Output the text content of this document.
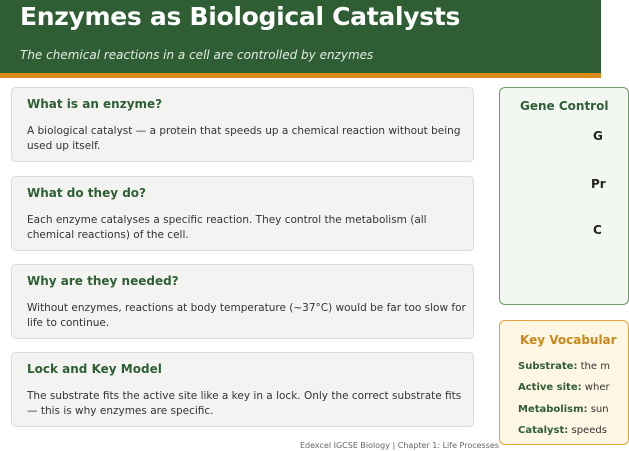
Enzymes as Biological Catalysts
The chemical reactions in a cell are controlled by enzymes
What is an enzyme?
A biological catalyst — a protein that speeds up a chemical reaction without being used up itself.
What do they do?
Each enzyme catalyses a specific reaction. They control the metabolism (all chemical reactions) of the cell.
Why are they needed?
Without enzymes, reactions at body temperature (~37°C) would be far too slow for life to continue.
Lock and Key Model
The substrate fits the active site like a key in a lock. Only the correct substrate fits — this is why enzymes are specific.
Gene Control
G
Pr
C
Key Vocabular
Substrate: the m
Active site: wher
Metabolism: sun
Catalyst: speeds
Edexcel IGCSE Biology | Chapter 1: Life Processes
